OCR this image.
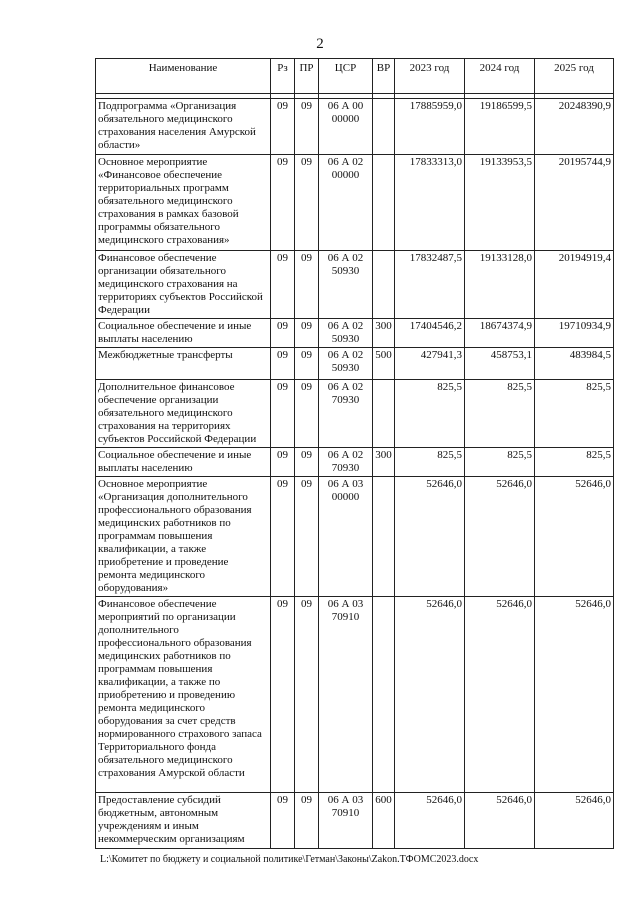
2
Наименование	Рз	ПР	ЦСР	ВР	2023 год	2024 год	2025 год

Подпрограмма «Организация обязательного медицинского страхования населения Амурской области»	09	09	06 А 00 00000		17885959,0	19186599,5	20248390,9
Основное мероприятие «Финансовое обеспечение территориальных программ обязательного медицинского страхования в рамках базовой программы обязательного медицинского страхования»	09	09	06 А 02 00000		17833313,0	19133953,5	20195744,9
Финансовое обеспечение организации обязательного медицинского страхования на территориях субъектов Российской Федерации	09	09	06 А 02 50930		17832487,5	19133128,0	20194919,4
Социальное обеспечение и иные выплаты населению	09	09	06 А 02 50930	300	17404546,2	18674374,9	19710934,9
Межбюджетные трансферты	09	09	06 А 02 50930	500	427941,3	458753,1	483984,5
Дополнительное финансовое обеспечение организации обязательного медицинского страхования на территориях субъектов Российской Федерации	09	09	06 А 02 70930		825,5	825,5	825,5
Социальное обеспечение и иные выплаты населению	09	09	06 А 02 70930	300	825,5	825,5	825,5
Основное мероприятие «Организация дополнительного профессионального образования медицинских работников по программам повышения квалификации, а также приобретение и проведение ремонта медицинского оборудования»	09	09	06 А 03 00000		52646,0	52646,0	52646,0
Финансовое обеспечение мероприятий по организации дополнительного профессионального образования медицинских работников по программам повышения квалификации, а также по приобретению и проведению ремонта медицинского оборудования за счет средств нормированного страхового запаса Территориального фонда обязательного медицинского страхования Амурской области	09	09	06 А 03 70910		52646,0	52646,0	52646,0
Предоставление субсидий бюджетным, автономным учреждениям и иным некоммерческим организациям	09	09	06 А 03 70910	600	52646,0	52646,0	52646,0
L:\Комитет по бюджету и социальной политике\Гетман\Законы\Zakon.ТФОМС2023.docx
